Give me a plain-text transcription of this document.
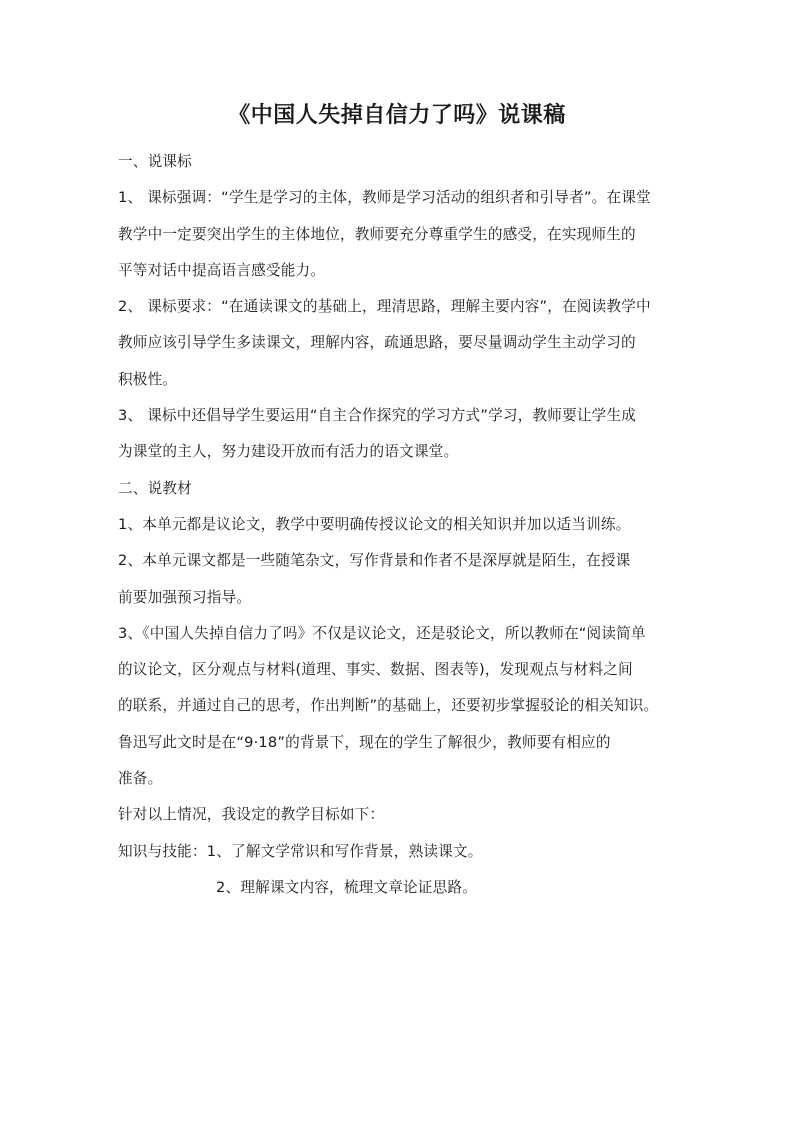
《中国人失掉自信力了吗》说课稿
一、说课标
1、 课标强调：“学生是学习的主体，教师是学习活动的组织者和引导者”。在课堂
教学中一定要突出学生的主体地位，教师要充分尊重学生的感受，在实现师生的
平等对话中提高语言感受能力。
2、 课标要求：“在通读课文的基础上，理清思路，理解主要内容”，在阅读教学中
教师应该引导学生多读课文，理解内容，疏通思路，要尽量调动学生主动学习的
积极性。
3、 课标中还倡导学生要运用“自主合作探究的学习方式”学习，教师要让学生成
为课堂的主人，努力建设开放而有活力的语文课堂。
二、说教材
1、本单元都是议论文，教学中要明确传授议论文的相关知识并加以适当训练。
2、本单元课文都是一些随笔杂文，写作背景和作者不是深厚就是陌生，在授课
前要加强预习指导。
3、《中国人失掉自信力了吗》不仅是议论文，还是驳论文，所以教师在“阅读简单
的议论文，区分观点与材料(道理、事实、数据、图表等)，发现观点与材料之间
的联系，并通过自己的思考，作出判断”的基础上，还要初步掌握驳论的相关知识。
鲁迅写此文时是在“9·18”的背景下，现在的学生了解很少，教师要有相应的
准备。
针对以上情况，我设定的教学目标如下：
知识与技能：1、了解文学常识和写作背景，熟读课文。
2、理解课文内容，梳理文章论证思路。
